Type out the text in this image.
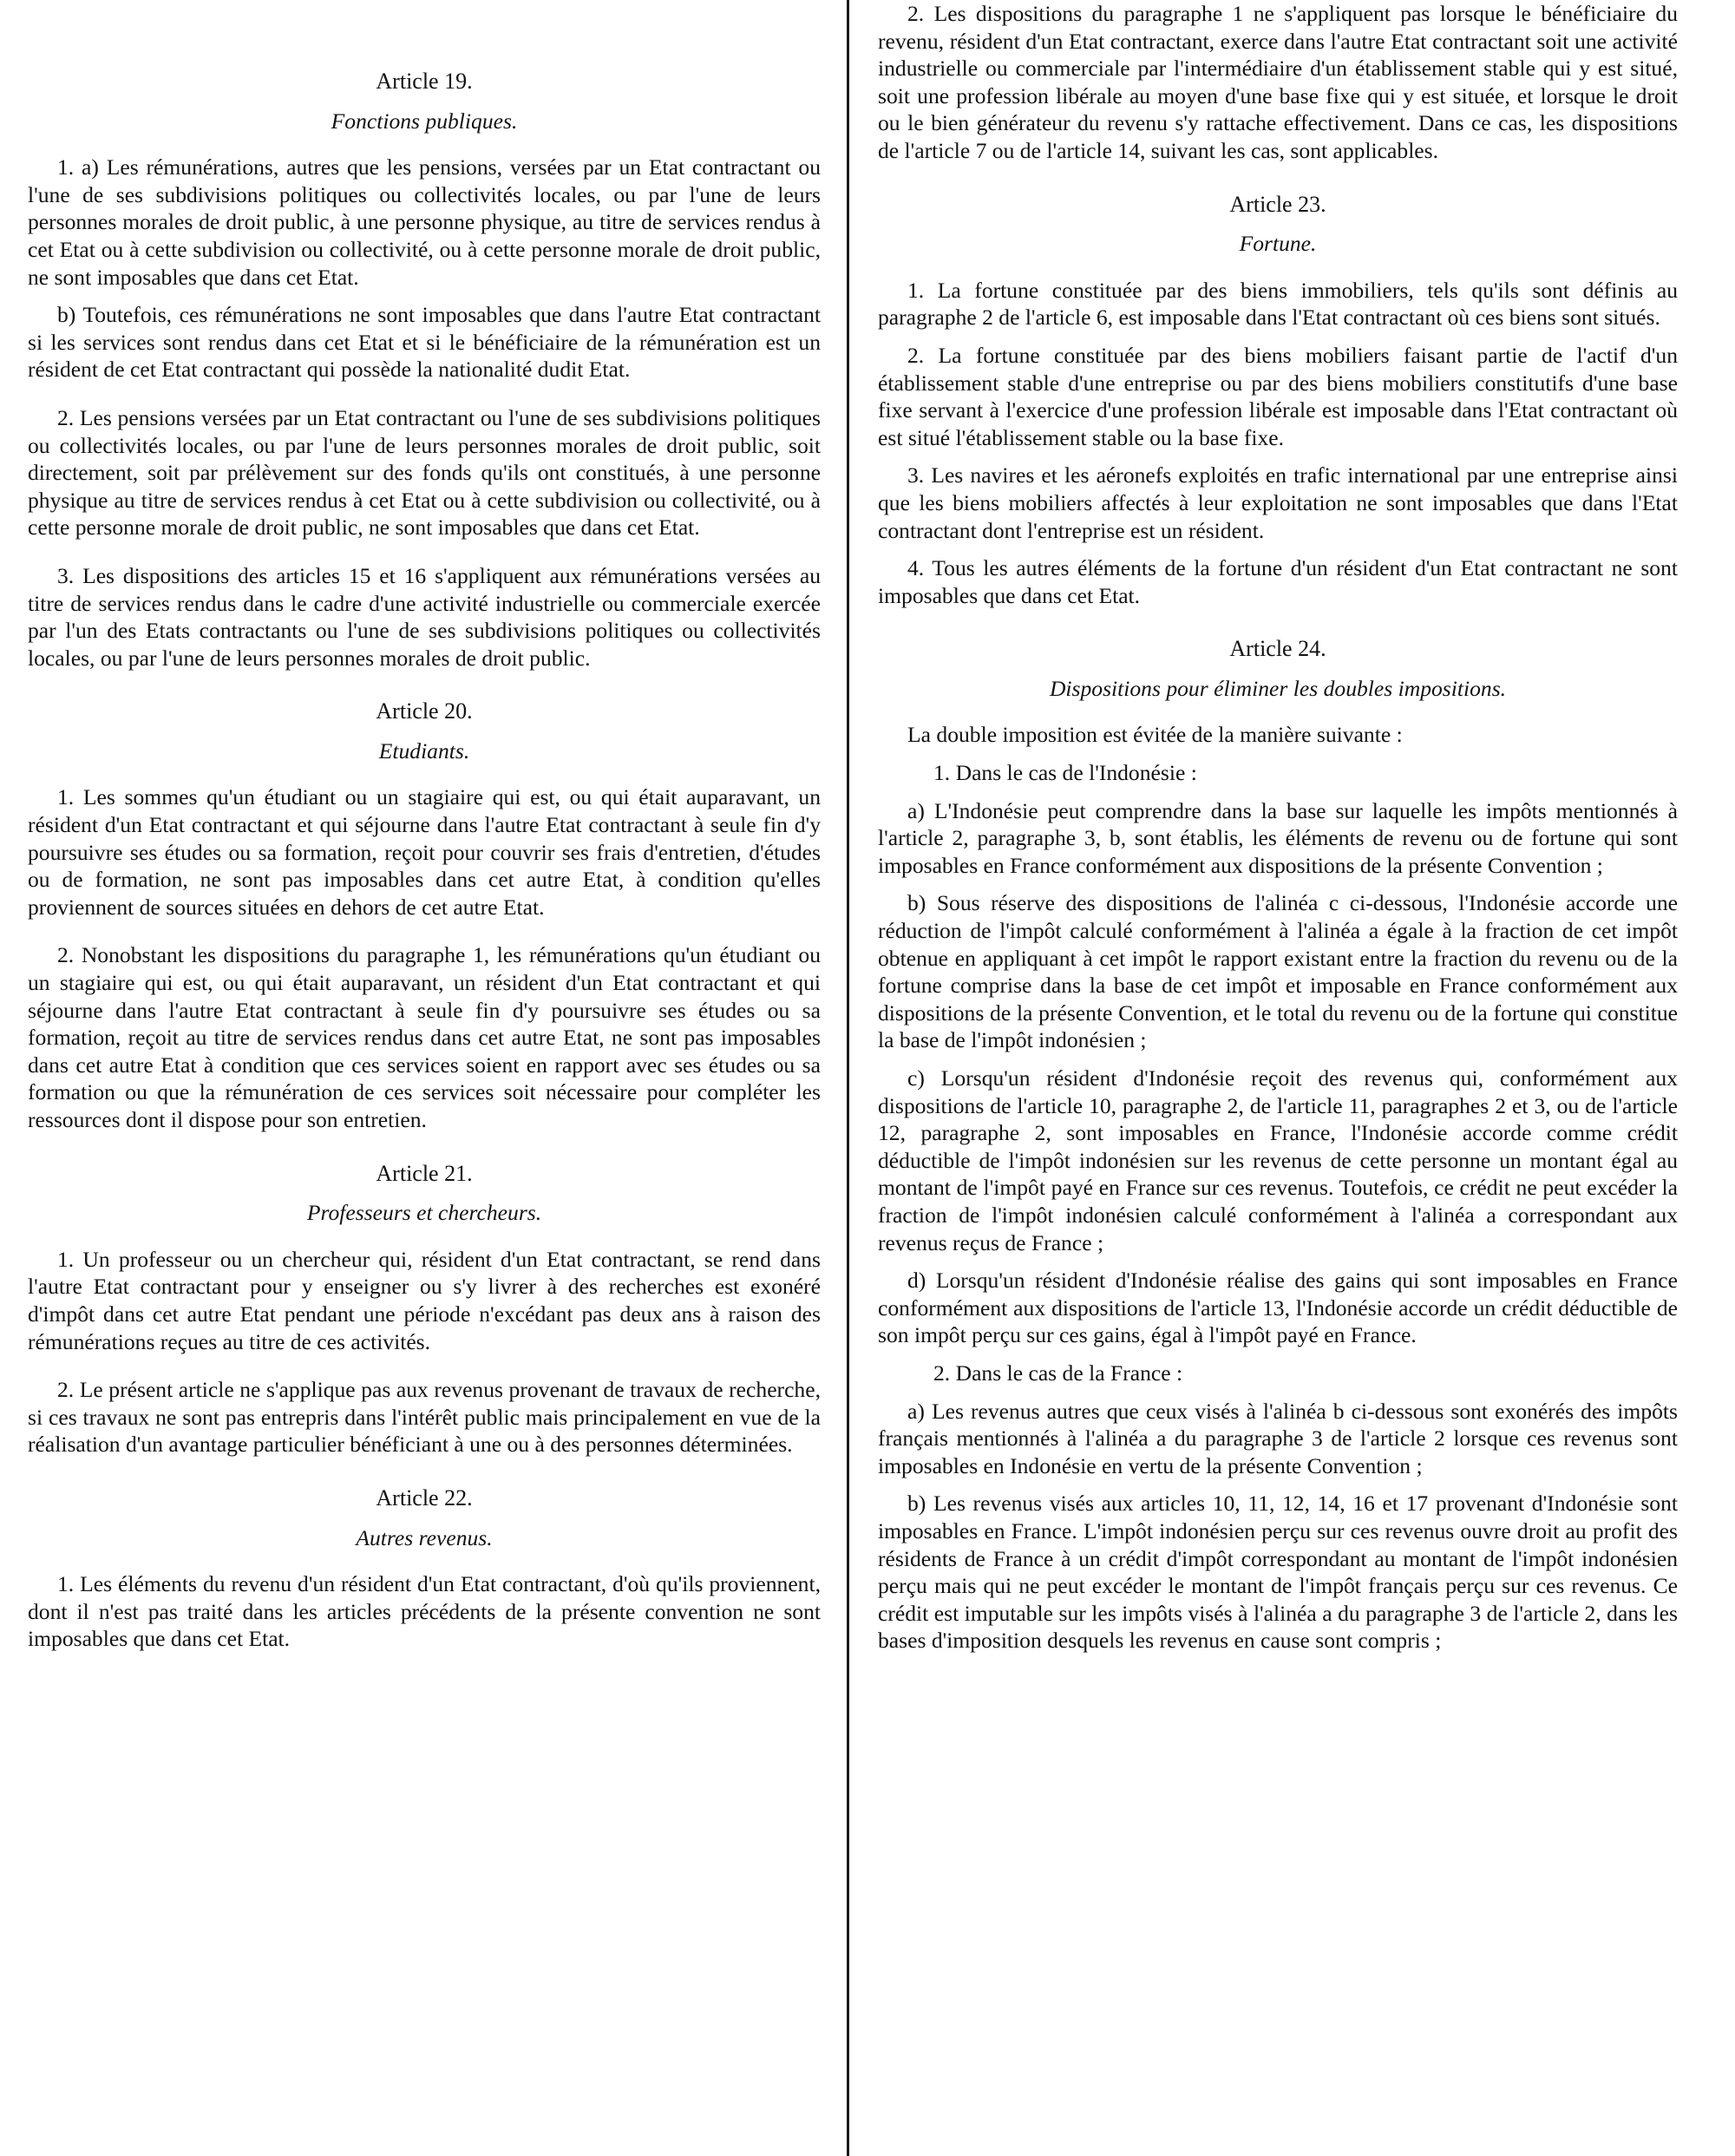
Article 19.
Fonctions publiques.

1. a) Les rémunérations, autres que les pensions, versées par un Etat contractant ou l'une de ses subdivisions politiques ou collectivités locales, ou par l'une de leurs personnes morales de droit public, à une personne physique, au titre de services rendus à cet Etat ou à cette subdivision ou collectivité, ou à cette personne morale de droit public, ne sont imposables que dans cet Etat.

b) Toutefois, ces rémunérations ne sont imposables que dans l'autre Etat contractant si les services sont rendus dans cet Etat et si le bénéficiaire de la rémunération est un résident de cet Etat contractant qui possède la nationalité dudit Etat.

2. Les pensions versées par un Etat contractant ou l'une de ses subdivisions politiques ou collectivités locales, ou par l'une de leurs personnes morales de droit public, soit directement, soit par prélèvement sur des fonds qu'ils ont constitués, à une personne physique au titre de services rendus à cet Etat ou à cette subdivision ou collectivité, ou à cette personne morale de droit public, ne sont imposables que dans cet Etat.

3. Les dispositions des articles 15 et 16 s'appliquent aux rémunérations versées au titre de services rendus dans le cadre d'une activité industrielle ou commerciale exercée par l'un des Etats contractants ou l'une de ses subdivisions politiques ou collectivités locales, ou par l'une de leurs personnes morales de droit public.

Article 20.
Etudiants.

1. Les sommes qu'un étudiant ou un stagiaire qui est, ou qui était auparavant, un résident d'un Etat contractant et qui séjourne dans l'autre Etat contractant à seule fin d'y poursuivre ses études ou sa formation, reçoit pour couvrir ses frais d'entretien, d'études ou de formation, ne sont pas imposables dans cet autre Etat, à condition qu'elles proviennent de sources situées en dehors de cet autre Etat.

2. Nonobstant les dispositions du paragraphe 1, les rémunérations qu'un étudiant ou un stagiaire qui est, ou qui était auparavant, un résident d'un Etat contractant et qui séjourne dans l'autre Etat contractant à seule fin d'y poursuivre ses études ou sa formation, reçoit au titre de services rendus dans cet autre Etat, ne sont pas imposables dans cet autre Etat à condition que ces services soient en rapport avec ses études ou sa formation ou que la rémunération de ces services soit nécessaire pour compléter les ressources dont il dispose pour son entretien.

Article 21.
Professeurs et chercheurs.

1. Un professeur ou un chercheur qui, résident d'un Etat contractant, se rend dans l'autre Etat contractant pour y enseigner ou s'y livrer à des recherches est exonéré d'impôt dans cet autre Etat pendant une période n'excédant pas deux ans à raison des rémunérations reçues au titre de ces activités.

2. Le présent article ne s'applique pas aux revenus provenant de travaux de recherche, si ces travaux ne sont pas entrepris dans l'intérêt public mais principalement en vue de la réalisation d'un avantage particulier bénéficiant à une ou à des personnes déterminées.

Article 22.
Autres revenus.

1. Les éléments du revenu d'un résident d'un Etat contractant, d'où qu'ils proviennent, dont il n'est pas traité dans les articles précédents de la présente convention ne sont imposables que dans cet Etat.

2. Les dispositions du paragraphe 1 ne s'appliquent pas lorsque le bénéficiaire du revenu, résident d'un Etat contractant, exerce dans l'autre Etat contractant soit une activité industrielle ou commerciale par l'intermédiaire d'un établissement stable qui y est situé, soit une profession libérale au moyen d'une base fixe qui y est située, et lorsque le droit ou le bien générateur du revenu s'y rattache effectivement. Dans ce cas, les dispositions de l'article 7 ou de l'article 14, suivant les cas, sont applicables.

Article 23.
Fortune.

1. La fortune constituée par des biens immobiliers, tels qu'ils sont définis au paragraphe 2 de l'article 6, est imposable dans l'Etat contractant où ces biens sont situés.

2. La fortune constituée par des biens mobiliers faisant partie de l'actif d'un établissement stable d'une entreprise ou par des biens mobiliers constitutifs d'une base fixe servant à l'exercice d'une profession libérale est imposable dans l'Etat contractant où est situé l'établissement stable ou la base fixe.

3. Les navires et les aéronefs exploités en trafic international par une entreprise ainsi que les biens mobiliers affectés à leur exploitation ne sont imposables que dans l'Etat contractant dont l'entreprise est un résident.

4. Tous les autres éléments de la fortune d'un résident d'un Etat contractant ne sont imposables que dans cet Etat.

Article 24.
Dispositions pour éliminer les doubles impositions.

La double imposition est évitée de la manière suivante :

1. Dans le cas de l'Indonésie :

a) L'Indonésie peut comprendre dans la base sur laquelle les impôts mentionnés à l'article 2, paragraphe 3, b, sont établis, les éléments de revenu ou de fortune qui sont imposables en France conformément aux dispositions de la présente Convention ;

b) Sous réserve des dispositions de l'alinéa c ci-dessous, l'Indonésie accorde une réduction de l'impôt calculé conformément à l'alinéa a égale à la fraction de cet impôt obtenue en appliquant à cet impôt le rapport existant entre la fraction du revenu ou de la fortune comprise dans la base de cet impôt et imposable en France conformément aux dispositions de la présente Convention, et le total du revenu ou de la fortune qui constitue la base de l'impôt indonésien ;

c) Lorsqu'un résident d'Indonésie reçoit des revenus qui, conformément aux dispositions de l'article 10, paragraphe 2, de l'article 11, paragraphes 2 et 3, ou de l'article 12, paragraphe 2, sont imposables en France, l'Indonésie accorde comme crédit déductible de l'impôt indonésien sur les revenus de cette personne un montant égal au montant de l'impôt payé en France sur ces revenus. Toutefois, ce crédit ne peut excéder la fraction de l'impôt indonésien calculé conformément à l'alinéa a correspondant aux revenus reçus de France ;

d) Lorsqu'un résident d'Indonésie réalise des gains qui sont imposables en France conformément aux dispositions de l'article 13, l'Indonésie accorde un crédit déductible de son impôt perçu sur ces gains, égal à l'impôt payé en France.

2. Dans le cas de la France :

a) Les revenus autres que ceux visés à l'alinéa b ci-dessous sont exonérés des impôts français mentionnés à l'alinéa a du paragraphe 3 de l'article 2 lorsque ces revenus sont imposables en Indonésie en vertu de la présente Convention ;

b) Les revenus visés aux articles 10, 11, 12, 14, 16 et 17 provenant d'Indonésie sont imposables en France. L'impôt indonésien perçu sur ces revenus ouvre droit au profit des résidents de France à un crédit d'impôt correspondant au montant de l'impôt indonésien perçu mais qui ne peut excéder le montant de l'impôt français perçu sur ces revenus. Ce crédit est imputable sur les impôts visés à l'alinéa a du paragraphe 3 de l'article 2, dans les bases d'imposition desquels les revenus en cause sont compris ;
